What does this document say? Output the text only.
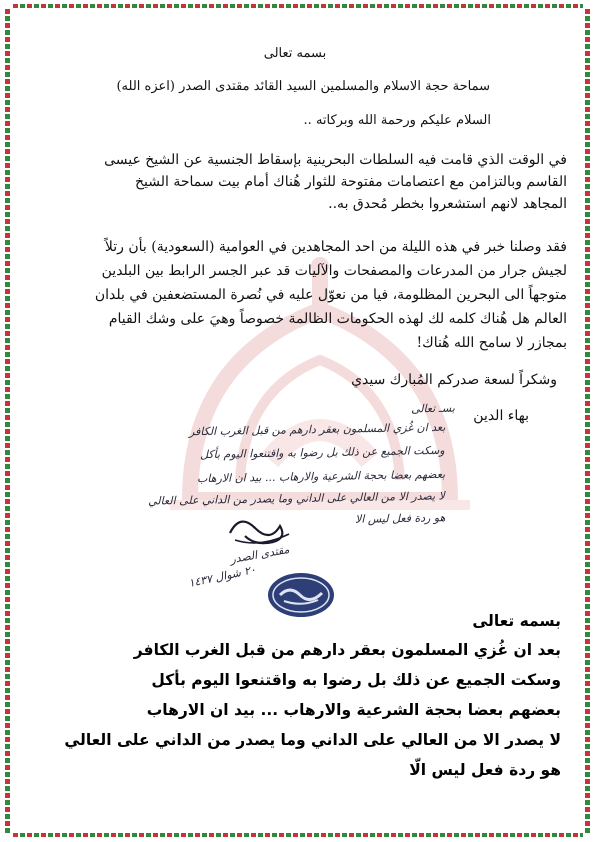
بسمه تعالى
سماحة حجة الاسلام والمسلمين السيد القائد مقتدى الصدر (اعزه الله)
السلام عليكم ورحمة الله وبركاته ..
في الوقت الذي قامت فيه السلطات البحرينية بإسقاط الجنسية عن الشيخ عيسى
القاسم وبالتزامن مع اعتصامات مفتوحة للثوار هُناك أمام بيت سماحة الشيخ
المجاهد لانهم استشعروا بخطر مُحدق به..
فقد وصلنا خبر في هذه الليلة من احد المجاهدين في العوامية (السعودية) بأن رتلاً
لجيش جرار من المدرعات والمصفحات والآليات قد عبر الجسر الرابط بين البلدين
متوجهاً الى البحرين المظلومة، فيا من نعوّل عليه في نُصرة المستضعفين في بلدان
العالم هل هُناك كلمه لك لهذه الحكومات الظالمة خصوصاً وهيَ على وشك القيام
بمجازر لا سامح الله هُناك!
وشكراً لسعة صدركم المُبارك سيدي
بهاء الدين
بسـ تعالى
بعد ان غُزي المسلمون بعقر دارهم من قبل الغرب الكافر
وسكت الجميع عن ذلك بل رضوا به واقتنعوا اليوم بأكل
بعضهم بعضا بحجة الشرعية والارهاب ... بيد ان الارهاب
لا يصدر الا من العالي على الداني وما يصدر من الداني على العالي
هو ردة فعل ليس الا
مقتدى الصدر
٢٠ شوال ١٤٣٧
بسمه تعالى
بعد ان غُزي المسلمون بعقر دارهم من قبل الغرب الكافر
وسكت الجميع عن ذلك بل رضوا به واقتنعوا اليوم بأكل
بعضهم بعضا بحجة الشرعية والارهاب ... بيد ان الارهاب
لا يصدر الا من العالي على الداني وما يصدر من الداني على العالي
هو ردة فعل ليس الّا
